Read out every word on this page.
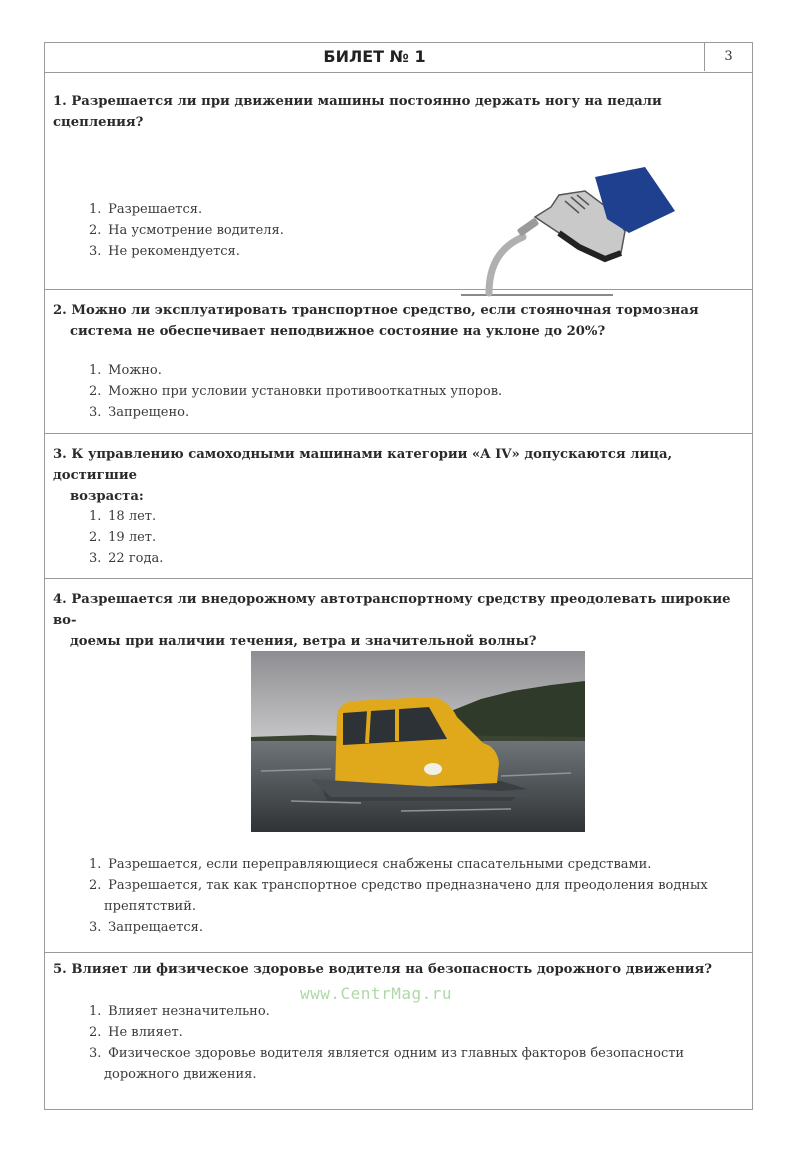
БИЛЕТ № 1	3
1. Разрешается ли при движении машины постоянно держать ногу на педали сцепления?
1. Разрешается.
2. На усмотрение водителя.
3. Не рекомендуется.
2. Можно ли эксплуатировать транспортное средство, если стояночная тормозная
система не обеспечивает неподвижное состояние на уклоне до 20%?
1. Можно.
2. Можно при условии установки противооткатных упоров.
3. Запрещено.
3. К управлению самоходными машинами категории «A IV» допускаются лица, достигшие
возраста:
1. 18 лет.
2. 19 лет.
3. 22 года.
4. Разрешается ли внедорожному автотранспортному средству преодолевать широкие во-
доемы при наличии течения, ветра и значительной волны?
1. Разрешается, если переправляющиеся снабжены спасательными средствами.
2. Разрешается, так как транспортное средство предназначено для преодоления водных
препятствий.
3. Запрещается.
5. Влияет ли физическое здоровье водителя на безопасность дорожного движения?
1. Влияет незначительно.
2. Не влияет.
3. Физическое здоровье водителя является одним из главных факторов безопасности
дорожного движения.
www.CentrMag.ru
